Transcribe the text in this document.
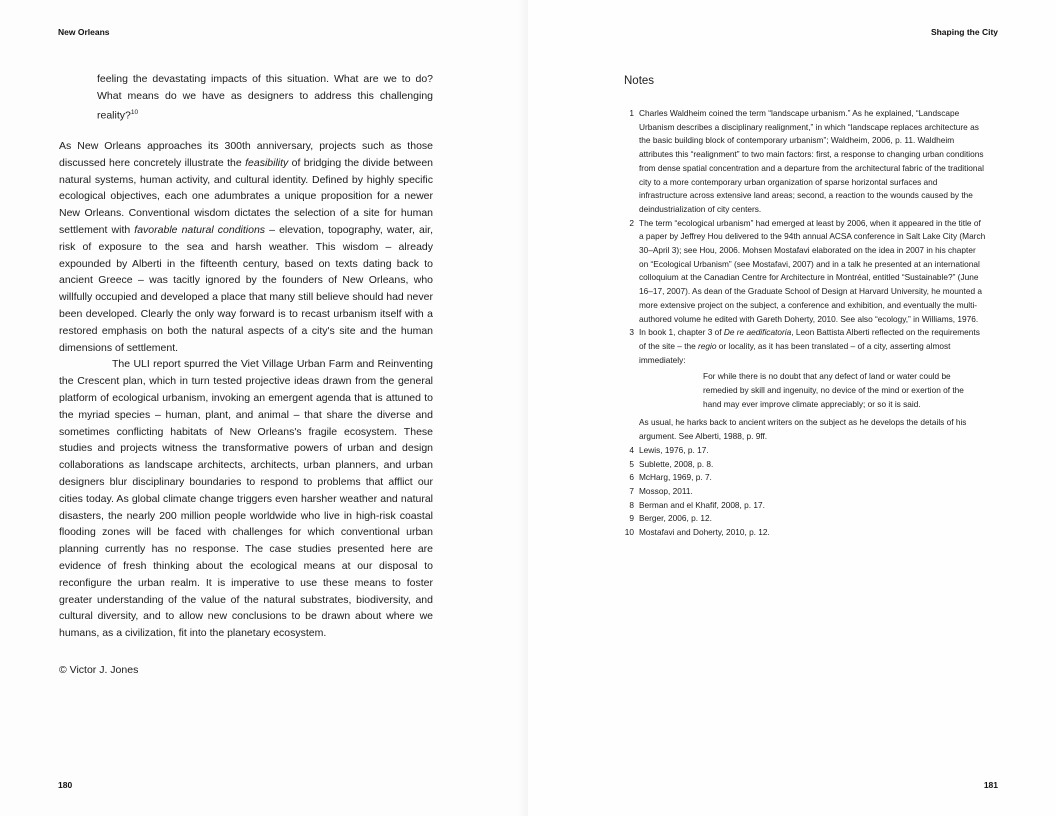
New Orleans
feeling the devastating impacts of this situation. What are we to do? What means do we have as designers to address this challenging reality?$^{10}$

As New Orleans approaches its 300th anniversary, projects such as those discussed here concretely illustrate the feasibility of bridging the divide between natural systems, human activity, and cultural identity. Defined by highly specific ecological objectives, each one adumbrates a unique proposition for a newer New Orleans. Conventional wisdom dictates the selection of a site for human settlement with favorable natural conditions – elevation, topography, water, air, risk of exposure to the sea and harsh weather. This wisdom – already expounded by Alberti in the fifteenth century, based on texts dating back to ancient Greece – was tacitly ignored by the founders of New Orleans, who willfully occupied and developed a place that many still believe should had never been developed. Clearly the only way forward is to recast urbanism itself with a restored emphasis on both the natural aspects of a city's site and the human dimensions of settlement.

The ULI report spurred the Viet Village Urban Farm and Reinventing the Crescent plan, which in turn tested projective ideas drawn from the general platform of ecological urbanism, invoking an emergent agenda that is attuned to the myriad species – human, plant, and animal – that share the diverse and sometimes conflicting habitats of New Orleans's fragile ecosystem. These studies and projects witness the transformative powers of urban and design collaborations as landscape architects, architects, urban planners, and urban designers blur disciplinary boundaries to respond to problems that afflict our cities today. As global climate change triggers even harsher weather and natural disasters, the nearly 200 million people worldwide who live in high-risk coastal flooding zones will be faced with challenges for which conventional urban planning currently has no response. The case studies presented here are evidence of fresh thinking about the ecological means at our disposal to reconfigure the urban realm. It is imperative to use these means to foster greater understanding of the value of the natural substrates, biodiversity, and cultural diversity, and to allow new conclusions to be drawn about where we humans, as a civilization, fit into the planetary ecosystem.

© Victor J. Jones
180
Shaping the City
Notes
1 Charles Waldheim coined the term “landscape urbanism.” As he explained, “Landscape Urbanism describes a disciplinary realignment,” in which “landscape replaces architecture as the basic building block of contemporary urbanism”; Waldheim, 2006, p. 11. Waldheim attributes this “realignment” to two main factors: first, a response to changing urban conditions from dense spatial concentration and a departure from the architectural fabric of the traditional city to a more contemporary urban organization of sparse horizontal surfaces and infrastructure across extensive land areas; second, a reaction to the wounds caused by the deindustrialization of city centers.
2 The term “ecological urbanism” had emerged at least by 2006, when it appeared in the title of a paper by Jeffrey Hou delivered to the 94th annual ACSA conference in Salt Lake City (March 30–April 3); see Hou, 2006. Mohsen Mostafavi elaborated on the idea in 2007 in his chapter on “Ecological Urbanism” (see Mostafavi, 2007) and in a talk he presented at an international colloquium at the Canadian Centre for Architecture in Montréal, entitled “Sustainable?” (June 16–17, 2007). As dean of the Graduate School of Design at Harvard University, he mounted a more extensive project on the subject, a conference and exhibition, and eventually the multi-authored volume he edited with Gareth Doherty, 2010. See also “ecology,” in Williams, 1976.
3 In book 1, chapter 3 of De re aedificatoria, Leon Battista Alberti reflected on the requirements of the site – the regio or locality, as it has been translated – of a city, asserting almost immediately:

For while there is no doubt that any defect of land or water could be remedied by skill and ingenuity, no device of the mind or exertion of the hand may ever improve climate appreciably; or so it is said.

As usual, he harks back to ancient writers on the subject as he develops the details of his argument. See Alberti, 1988, p. 9ff.

4 Lewis, 1976, p. 17.
5 Sublette, 2008, p. 8.
6 McHarg, 1969, p. 7.
7 Mossop, 2011.
8 Berman and el Khafif, 2008, p. 17.
9 Berger, 2006, p. 12.
10 Mostafavi and Doherty, 2010, p. 12.
181
